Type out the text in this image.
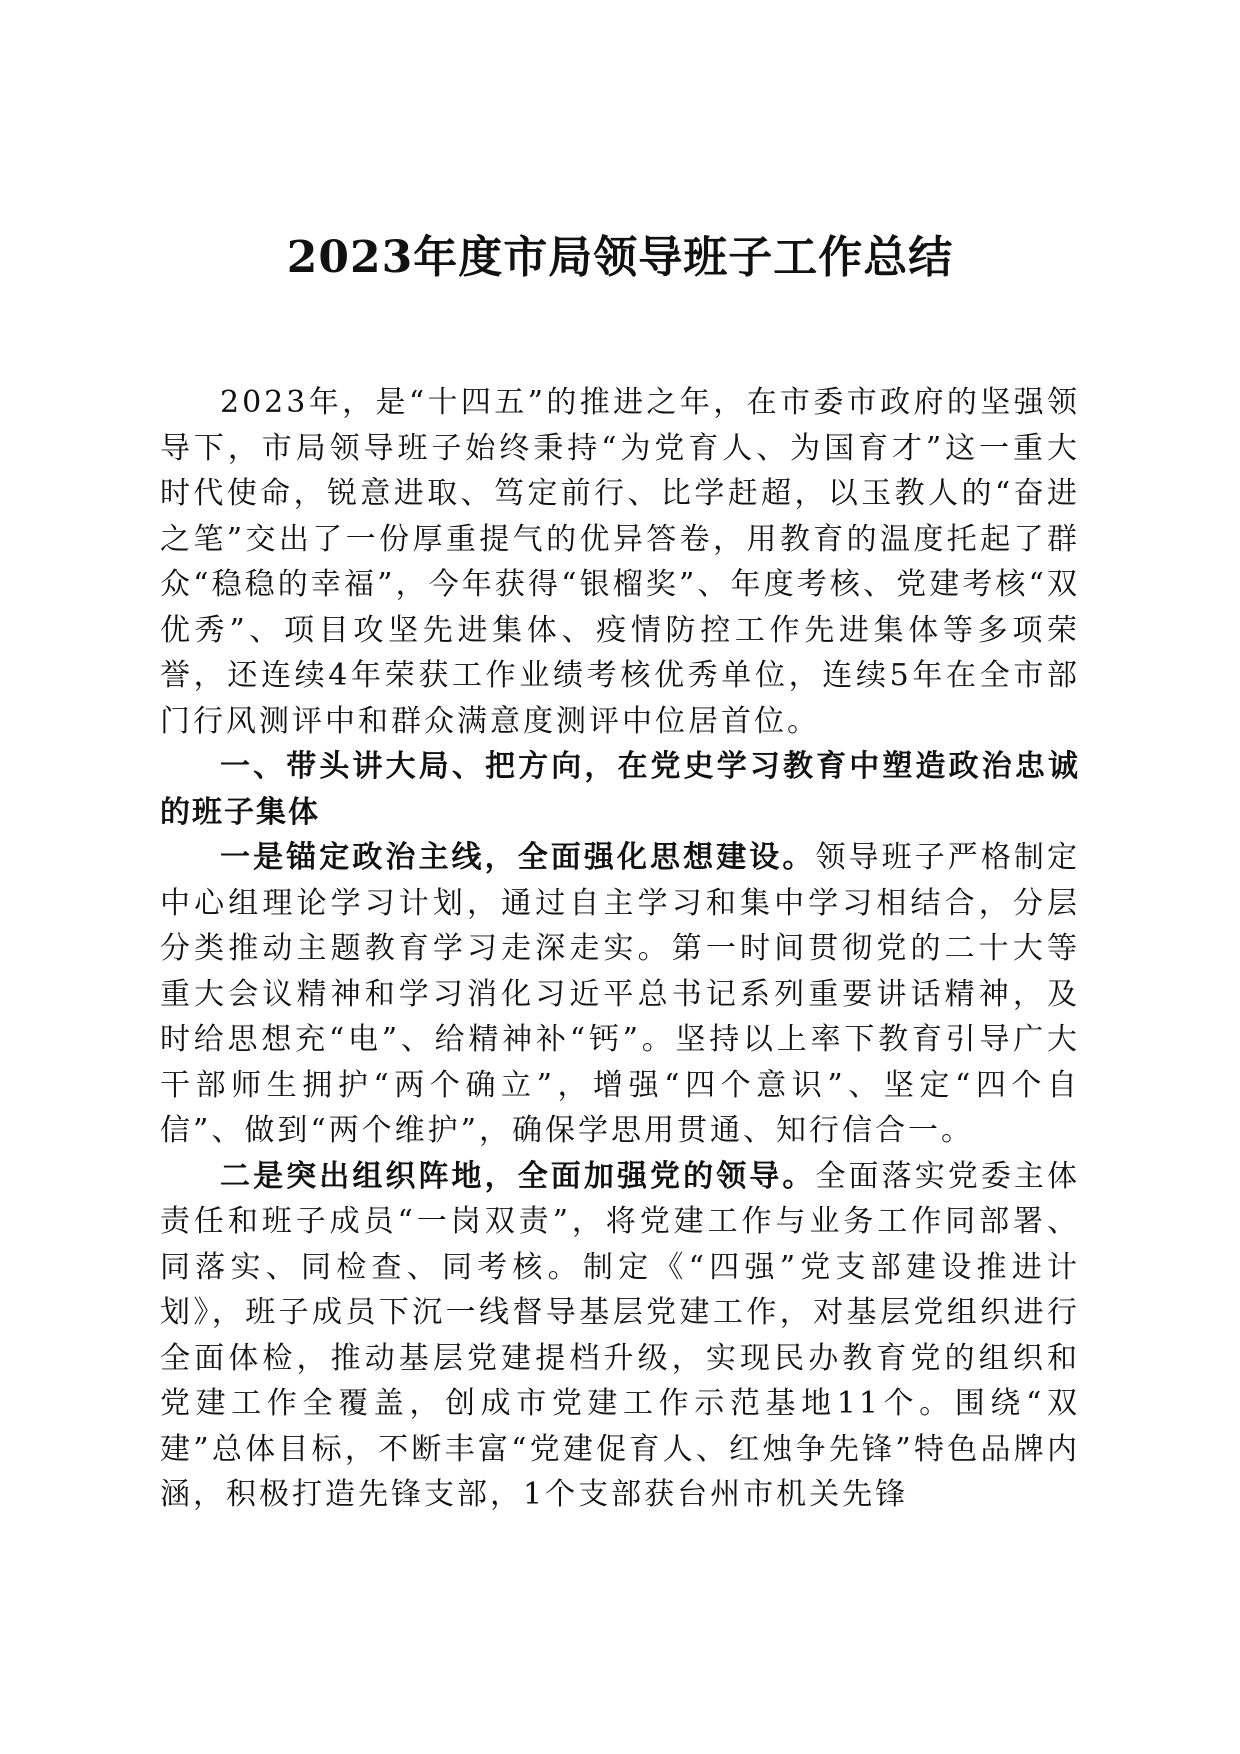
2023年度市局领导班子工作总结

2023年，是“十四五”的推进之年，在市委市政府的坚强领导下，市局领导班子始终秉持“为党育人、为国育才”这一重大时代使命，锐意进取、笃定前行、比学赶超，以玉教人的“奋进之笔”交出了一份厚重提气的优异答卷，用教育的温度托起了群众“稳稳的幸福”，今年获得“银榴奖”、年度考核、党建考核“双优秀”、项目攻坚先进集体、疫情防控工作先进集体等多项荣誉，还连续4年荣获工作业绩考核优秀单位，连续5年在全市部门行风测评中和群众满意度测评中位居首位。

一、带头讲大局、把方向，在党史学习教育中塑造政治忠诚的班子集体

一是锚定政治主线，全面强化思想建设。领导班子严格制定中心组理论学习计划，通过自主学习和集中学习相结合，分层分类推动主题教育学习走深走实。第一时间贯彻党的二十大等重大会议精神和学习消化习近平总书记系列重要讲话精神，及时给思想充“电”、给精神补“钙”。坚持以上率下教育引导广大干部师生拥护“两个确立”，增强“四个意识”、坚定“四个自信”、做到“两个维护”，确保学思用贯通、知行信合一。

二是突出组织阵地，全面加强党的领导。全面落实党委主体责任和班子成员“一岗双责”，将党建工作与业务工作同部署、同落实、同检查、同考核。制定《“四强”党支部建设推进计划》，班子成员下沉一线督导基层党建工作，对基层党组织进行全面体检，推动基层党建提档升级，实现民办教育党的组织和党建工作全覆盖，创成市党建工作示范基地11个。围绕“双建”总体目标，不断丰富“党建促育人、红烛争先锋”特色品牌内涵，积极打造先锋支部，1个支部获台州市机关先锋
